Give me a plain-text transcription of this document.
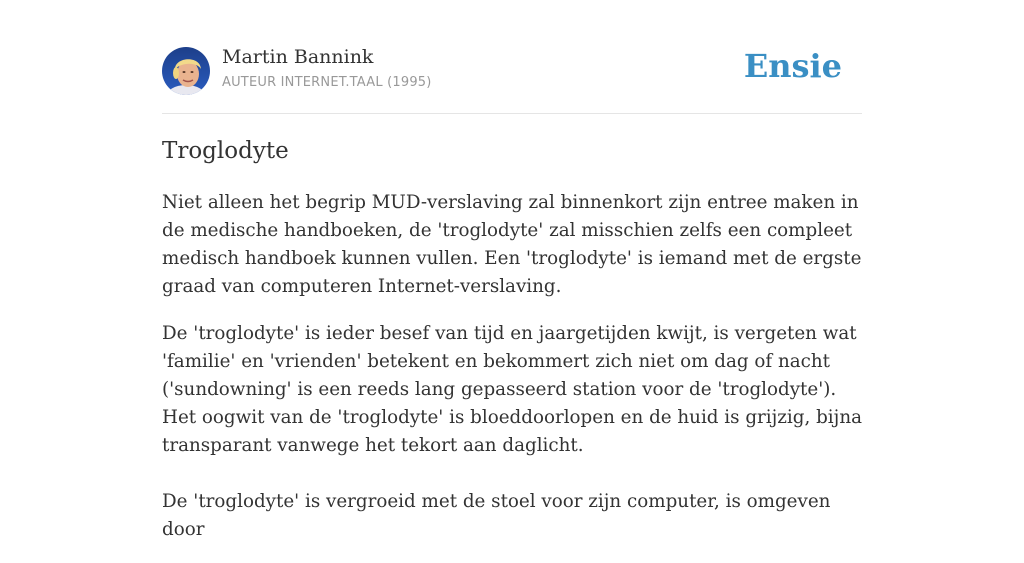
Martin Bannink
AUTEUR INTERNET.TAAL (1995)	Ensie
Troglodyte

Niet alleen het begrip MUD-verslaving zal binnenkort zijn entree maken in de medische handboeken, de 'troglodyte' zal misschien zelfs een compleet medisch handboek kunnen vullen. Een 'troglodyte' is iemand met de ergste graad van computeren Internet-verslaving.

De 'troglodyte' is ieder besef van tijd en jaargetijden kwijt, is vergeten wat 'familie' en 'vrienden' betekent en bekommert zich niet om dag of nacht ('sundowning' is een reeds lang gepasseerd station voor de 'troglodyte'). Het oogwit van de 'troglodyte' is bloeddoorlopen en de huid is grijzig, bijna transparant vanwege het tekort aan daglicht.

De 'troglodyte' is vergroeid met de stoel voor zijn computer, is omgeven door
